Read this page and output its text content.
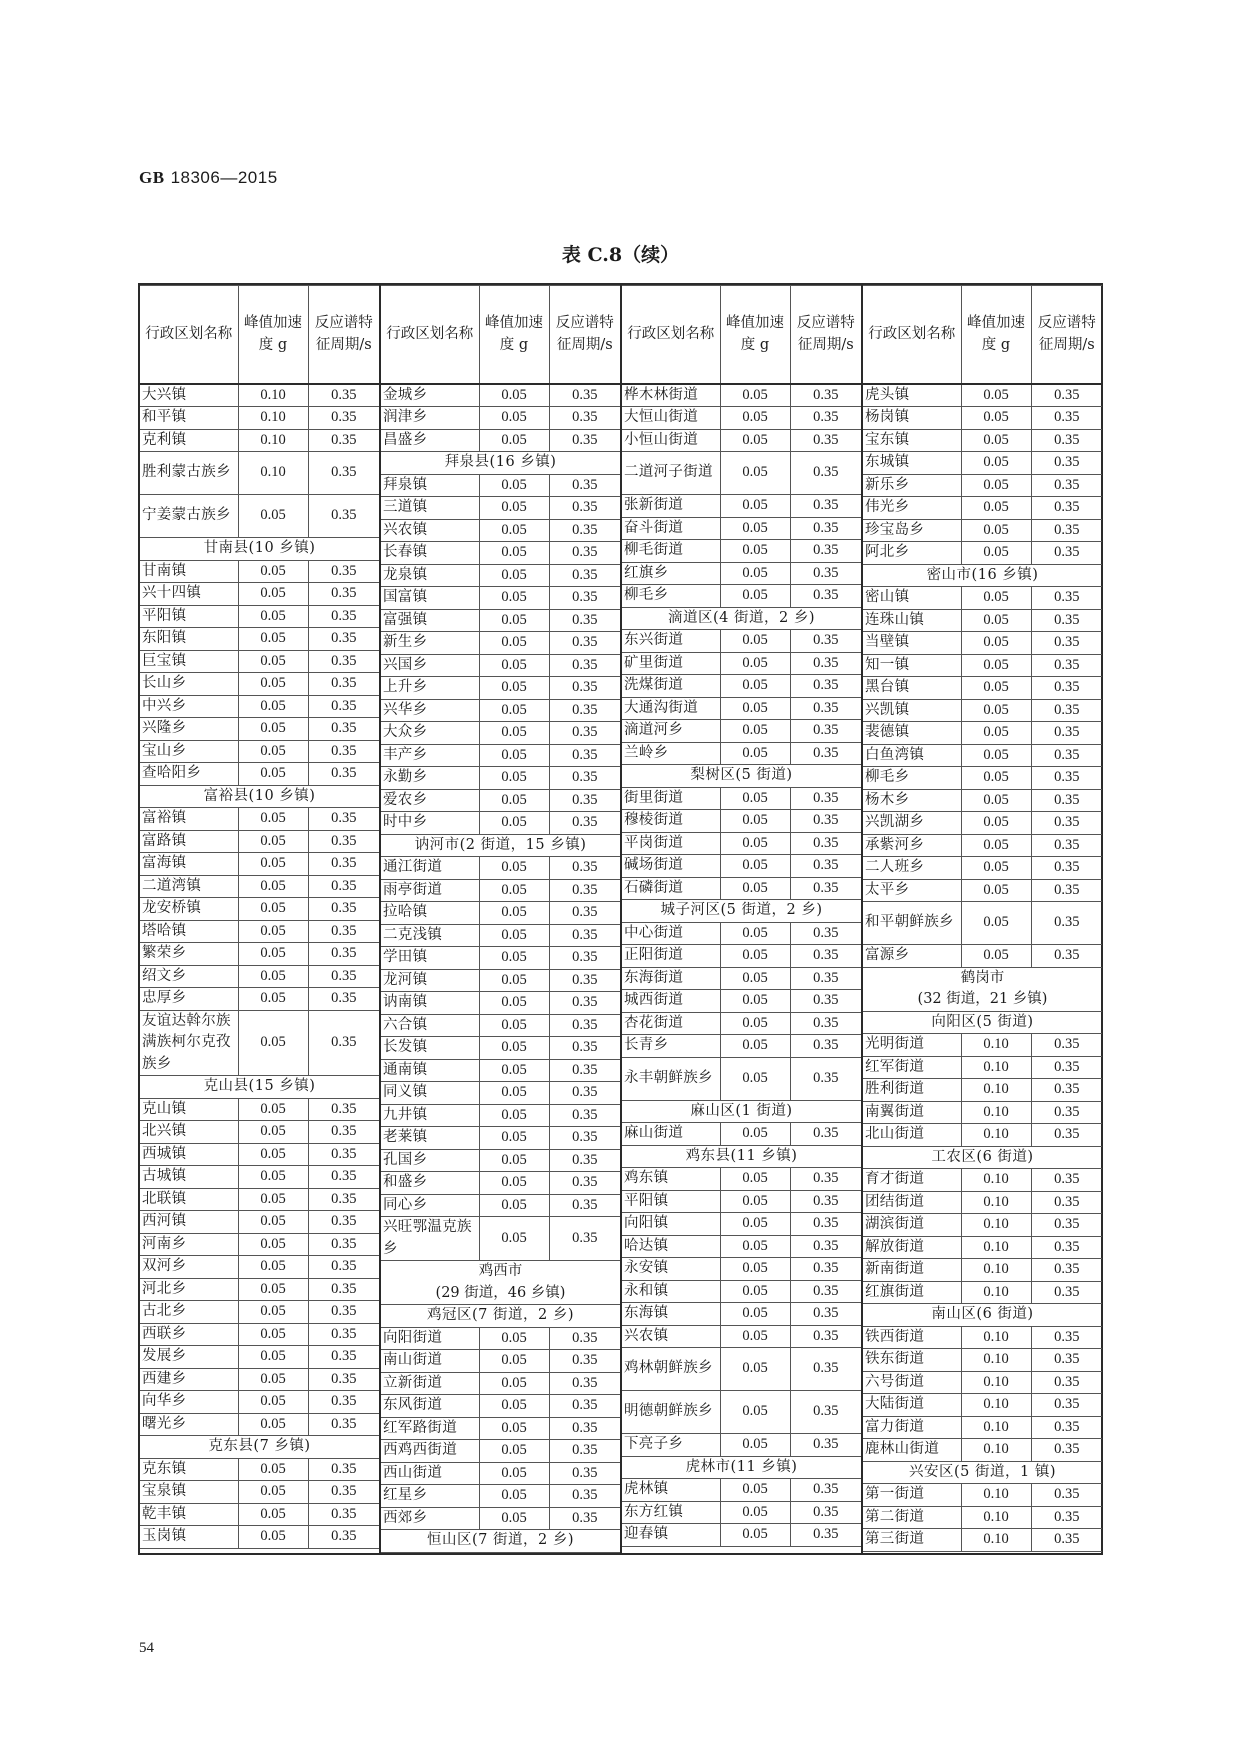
GB 18306—2015
表 C.8（续）
行政区划名称	峰值加速度 g	反应谱特征周期/s
大兴镇	0.10	0.35
和平镇	0.10	0.35
克利镇	0.10	0.35
胜利蒙古族乡	0.10	0.35
宁姜蒙古族乡	0.05	0.35
甘南县(10 乡镇)		
甘南镇	0.05	0.35
兴十四镇	0.05	0.35
平阳镇	0.05	0.35
东阳镇	0.05	0.35
巨宝镇	0.05	0.35
长山乡	0.05	0.35
中兴乡	0.05	0.35
兴隆乡	0.05	0.35
宝山乡	0.05	0.35
查哈阳乡	0.05	0.35
富裕县(10 乡镇)		
富裕镇	0.05	0.35
富路镇	0.05	0.35
富海镇	0.05	0.35
二道湾镇	0.05	0.35
龙安桥镇	0.05	0.35
塔哈镇	0.05	0.35
繁荣乡	0.05	0.35
绍文乡	0.05	0.35
忠厚乡	0.05	0.35
友谊达斡尔族满族柯尔克孜族乡	0.05	0.35
克山县(15 乡镇)		
克山镇	0.05	0.35
北兴镇	0.05	0.35
西城镇	0.05	0.35
古城镇	0.05	0.35
北联镇	0.05	0.35
西河镇	0.05	0.35
河南乡	0.05	0.35
双河乡	0.05	0.35
河北乡	0.05	0.35
古北乡	0.05	0.35
西联乡	0.05	0.35
发展乡	0.05	0.35
西建乡	0.05	0.35
向华乡	0.05	0.35
曙光乡	0.05	0.35
克东县(7 乡镇)		
克东镇	0.05	0.35
宝泉镇	0.05	0.35
乾丰镇	0.05	0.35
玉岗镇	0.05	0.35
行政区划名称	峰值加速度 g	反应谱特征周期/s
金城乡	0.05	0.35
润津乡	0.05	0.35
昌盛乡	0.05	0.35
拜泉县(16 乡镇)		
拜泉镇	0.05	0.35
三道镇	0.05	0.35
兴农镇	0.05	0.35
长春镇	0.05	0.35
龙泉镇	0.05	0.35
国富镇	0.05	0.35
富强镇	0.05	0.35
新生乡	0.05	0.35
兴国乡	0.05	0.35
上升乡	0.05	0.35
兴华乡	0.05	0.35
大众乡	0.05	0.35
丰产乡	0.05	0.35
永勤乡	0.05	0.35
爱农乡	0.05	0.35
时中乡	0.05	0.35
讷河市(2 街道，15 乡镇)		
通江街道	0.05	0.35
雨亭街道	0.05	0.35
拉哈镇	0.05	0.35
二克浅镇	0.05	0.35
学田镇	0.05	0.35
龙河镇	0.05	0.35
讷南镇	0.05	0.35
六合镇	0.05	0.35
长发镇	0.05	0.35
通南镇	0.05	0.35
同义镇	0.05	0.35
九井镇	0.05	0.35
老莱镇	0.05	0.35
孔国乡	0.05	0.35
和盛乡	0.05	0.35
同心乡	0.05	0.35
兴旺鄂温克族乡	0.05	0.35

鸡西市
(29 街道，46 乡镇)		

鸡冠区(7 街道，2 乡)		
向阳街道	0.05	0.35
南山街道	0.05	0.35
立新街道	0.05	0.35
东风街道	0.05	0.35
红军路街道	0.05	0.35
西鸡西街道	0.05	0.35
西山街道	0.05	0.35
红星乡	0.05	0.35
西郊乡	0.05	0.35
恒山区(7 街道，2 乡)		
行政区划名称	峰值加速度 g	反应谱特征周期/s
桦木林街道	0.05	0.35
大恒山街道	0.05	0.35
小恒山街道	0.05	0.35
二道河子街道	0.05	0.35
张新街道	0.05	0.35
奋斗街道	0.05	0.35
柳毛街道	0.05	0.35
红旗乡	0.05	0.35
柳毛乡	0.05	0.35
滴道区(4 街道，2 乡)		
东兴街道	0.05	0.35
矿里街道	0.05	0.35
洗煤街道	0.05	0.35
大通沟街道	0.05	0.35
滴道河乡	0.05	0.35
兰岭乡	0.05	0.35
梨树区(5 街道)		
街里街道	0.05	0.35
穆棱街道	0.05	0.35
平岗街道	0.05	0.35
碱场街道	0.05	0.35
石磷街道	0.05	0.35
城子河区(5 街道，2 乡)		
中心街道	0.05	0.35
正阳街道	0.05	0.35
东海街道	0.05	0.35
城西街道	0.05	0.35
杏花街道	0.05	0.35
长青乡	0.05	0.35
永丰朝鲜族乡	0.05	0.35
麻山区(1 街道)		
麻山街道	0.05	0.35
鸡东县(11 乡镇)		
鸡东镇	0.05	0.35
平阳镇	0.05	0.35
向阳镇	0.05	0.35
哈达镇	0.05	0.35
永安镇	0.05	0.35
永和镇	0.05	0.35
东海镇	0.05	0.35
兴农镇	0.05	0.35
鸡林朝鲜族乡	0.05	0.35
明德朝鲜族乡	0.05	0.35
下亮子乡	0.05	0.35
虎林市(11 乡镇)		
虎林镇	0.05	0.35
东方红镇	0.05	0.35
迎春镇	0.05	0.35
行政区划名称	峰值加速度 g	反应谱特征周期/s
虎头镇	0.05	0.35
杨岗镇	0.05	0.35
宝东镇	0.05	0.35
东城镇	0.05	0.35
新乐乡	0.05	0.35
伟光乡	0.05	0.35
珍宝岛乡	0.05	0.35
阿北乡	0.05	0.35
密山市(16 乡镇)		
密山镇	0.05	0.35
连珠山镇	0.05	0.35
当壁镇	0.05	0.35
知一镇	0.05	0.35
黑台镇	0.05	0.35
兴凯镇	0.05	0.35
裴德镇	0.05	0.35
白鱼湾镇	0.05	0.35
柳毛乡	0.05	0.35
杨木乡	0.05	0.35
兴凯湖乡	0.05	0.35
承紫河乡	0.05	0.35
二人班乡	0.05	0.35
太平乡	0.05	0.35
和平朝鲜族乡	0.05	0.35
富源乡	0.05	0.35

鹤岗市
(32 街道，21 乡镇)		

向阳区(5 街道)		
光明街道	0.10	0.35
红军街道	0.10	0.35
胜利街道	0.10	0.35
南翼街道	0.10	0.35
北山街道	0.10	0.35
工农区(6 街道)		
育才街道	0.10	0.35
团结街道	0.10	0.35
湖滨街道	0.10	0.35
解放街道	0.10	0.35
新南街道	0.10	0.35
红旗街道	0.10	0.35
南山区(6 街道)		
铁西街道	0.10	0.35
铁东街道	0.10	0.35
六号街道	0.10	0.35
大陆街道	0.10	0.35
富力街道	0.10	0.35
鹿林山街道	0.10	0.35
兴安区(5 街道，1 镇)		
第一街道	0.10	0.35
第二街道	0.10	0.35
第三街道	0.10	0.35
54
